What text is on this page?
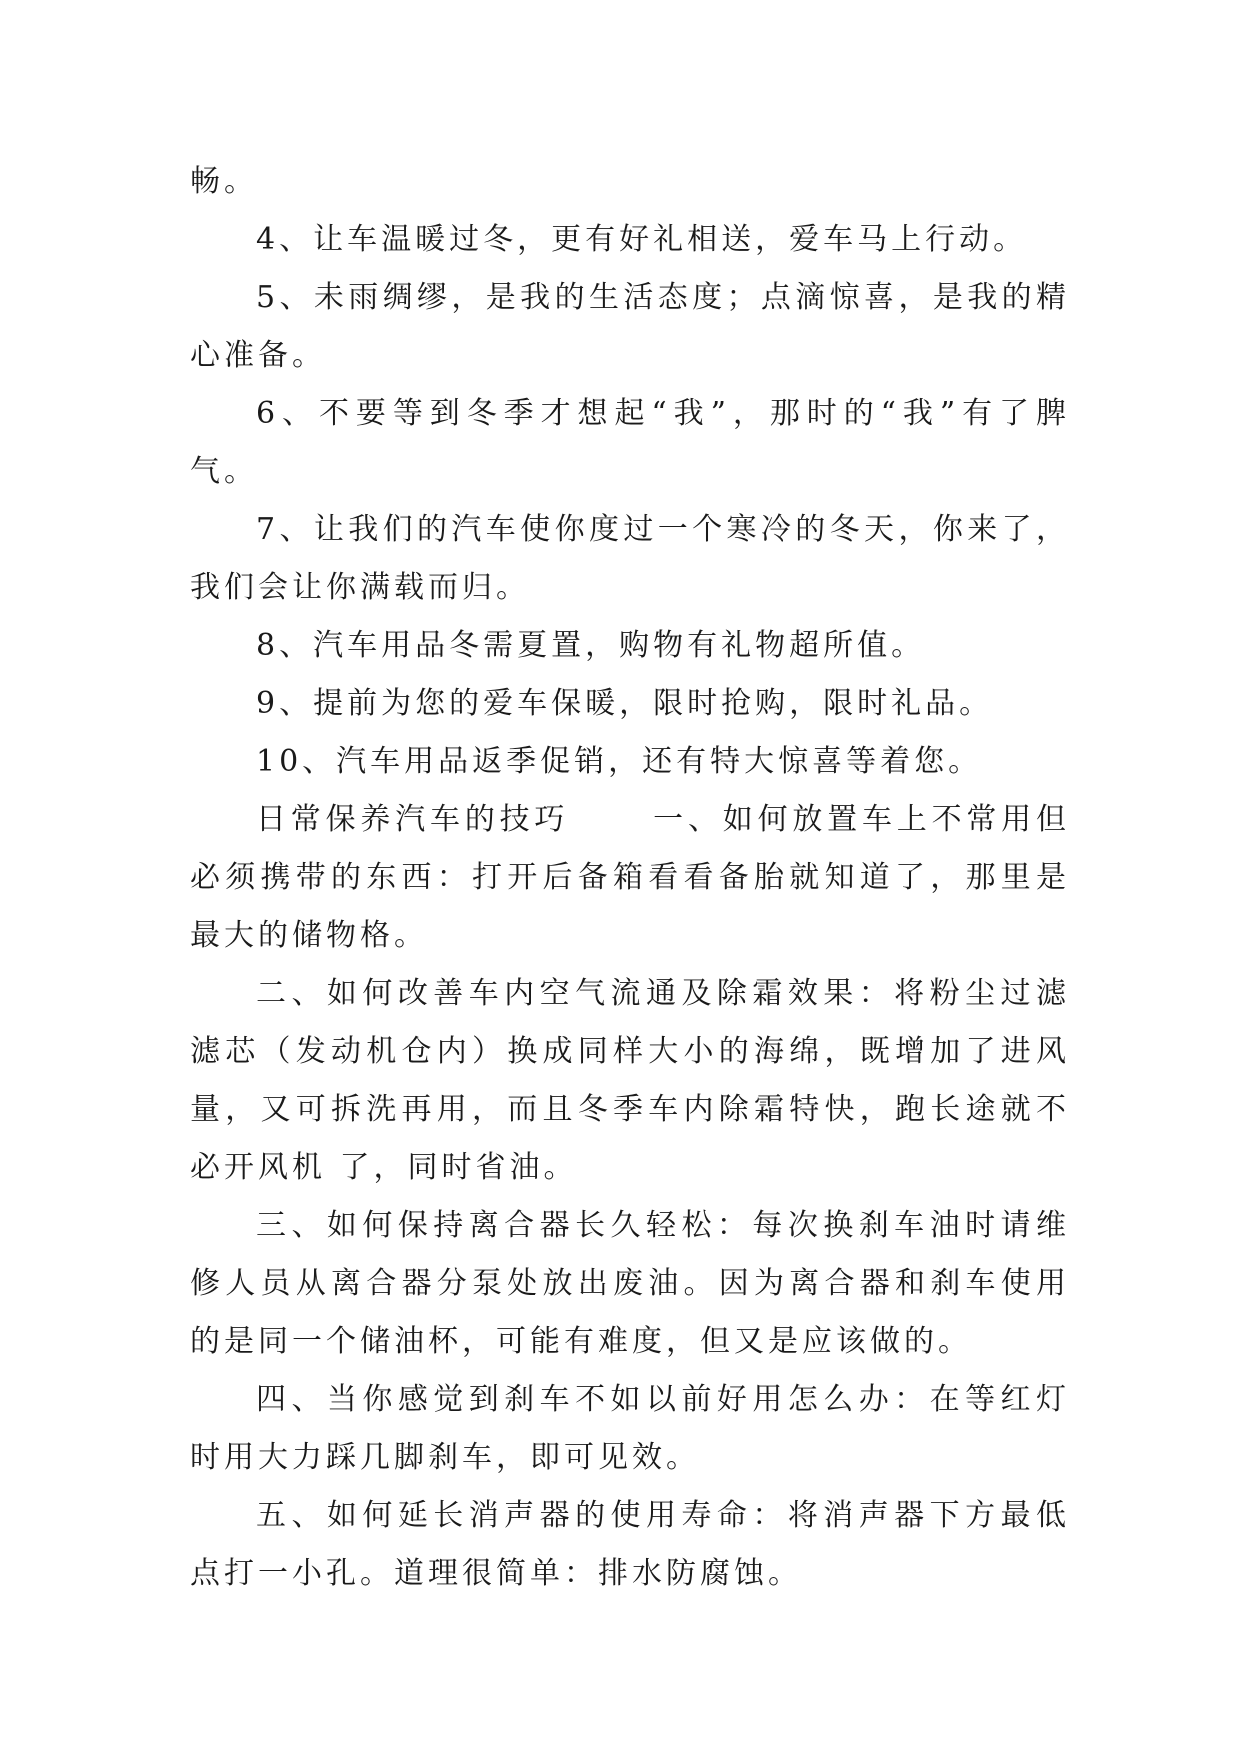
畅。

4、让车温暖过冬，更有好礼相送，爱车马上行动。

5、未雨绸缪，是我的生活态度；点滴惊喜，是我的精心准备。

6、不要等到冬季才想起“我”，那时的“我”有了脾气。

7、让我们的汽车使你度过一个寒冷的冬天，你来了，我们会让你满载而归。

8、汽车用品冬需夏置，购物有礼物超所值。

9、提前为您的爱车保暖，限时抢购，限时礼品。

10、汽车用品返季促销，还有特大惊喜等着您。

日常保养汽车的技巧　　 一、如何放置车上不常用但必须携带的东西：打开后备箱看看备胎就知道了，那里是最大的储物格。

二、如何改善车内空气流通及除霜效果：将粉尘过滤滤芯（发动机仓内）换成同样大小的海绵，既增加了进风量，又可拆洗再用，而且冬季车内除霜特快，跑长途就不必开风机 了，同时省油。

三、如何保持离合器长久轻松：每次换刹车油时请维修人员从离合器分泵处放出废油。因为离合器和刹车使用的是同一个储油杯，可能有难度，但又是应该做的。

四、当你感觉到刹车不如以前好用怎么办：在等红灯时用大力踩几脚刹车，即可见效。

五、如何延长消声器的使用寿命：将消声器下方最低点打一小孔。道理很简单：排水防腐蚀。
